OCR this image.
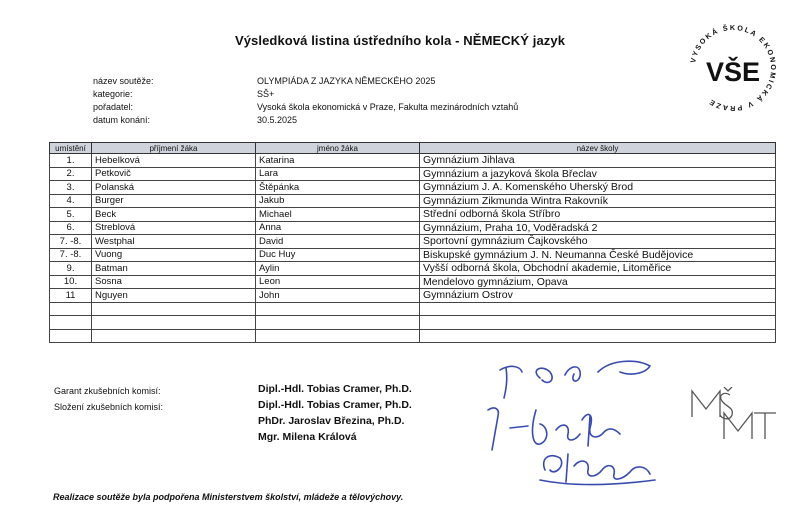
Výsledková listina ústředního kola - NĚMECKÝ jazyk
název soutěže:	OLYMPIÁDA Z JAZYKA NĚMECKÉHO 2025
kategorie:	SŠ+
pořadatel:	Vysoká škola ekonomická v Praze, Fakulta mezinárodních vztahů
datum konání:	30.5.2025
VYSOKÁ ŠKOLA EKONOMICKÁ V PRAZE
VŠE
umístění	příjmení žáka	jméno žáka	název školy
1.	Hebelková	Katarina	Gymnázium Jihlava
2.	Petkovič	Lara	Gymnázium a jazyková škola Břeclav
3.	Polanská	Štěpánka	Gymnázium J. A. Komenského Uherský Brod
4.	Burger	Jakub	Gymnázium Zikmunda Wintra Rakovník
5.	Beck	Michael	Střední odborná škola Stříbro
6.	Streblová	Anna	Gymnázium, Praha 10, Voděradská 2
7. -8.	Westphal	David	Sportovní gymnázium Čajkovského
7. -8.	Vuong	Duc Huy	Biskupské gymnázium J. N. Neumanna České Budějovice
9.	Batman	Aylin	Vyšší odborná škola, Obchodní akademie, Litoměřice
10.	Sosna	Leon	Mendelovo gymnázium, Opava
11	Nguyen	John	Gymnázium Ostrov

Garant zkušebních komisí:
Složení zkušebních komisí:
Dipl.-Hdl. Tobias Cramer, Ph.D.
Dipl.-Hdl. Tobias Cramer, Ph.D.
PhDr. Jaroslav Březina, Ph.D.
Mgr. Milena Králová
MŠMT
Realizace soutěže byla podpořena Ministerstvem školství, mládeže a tělovýchovy.
